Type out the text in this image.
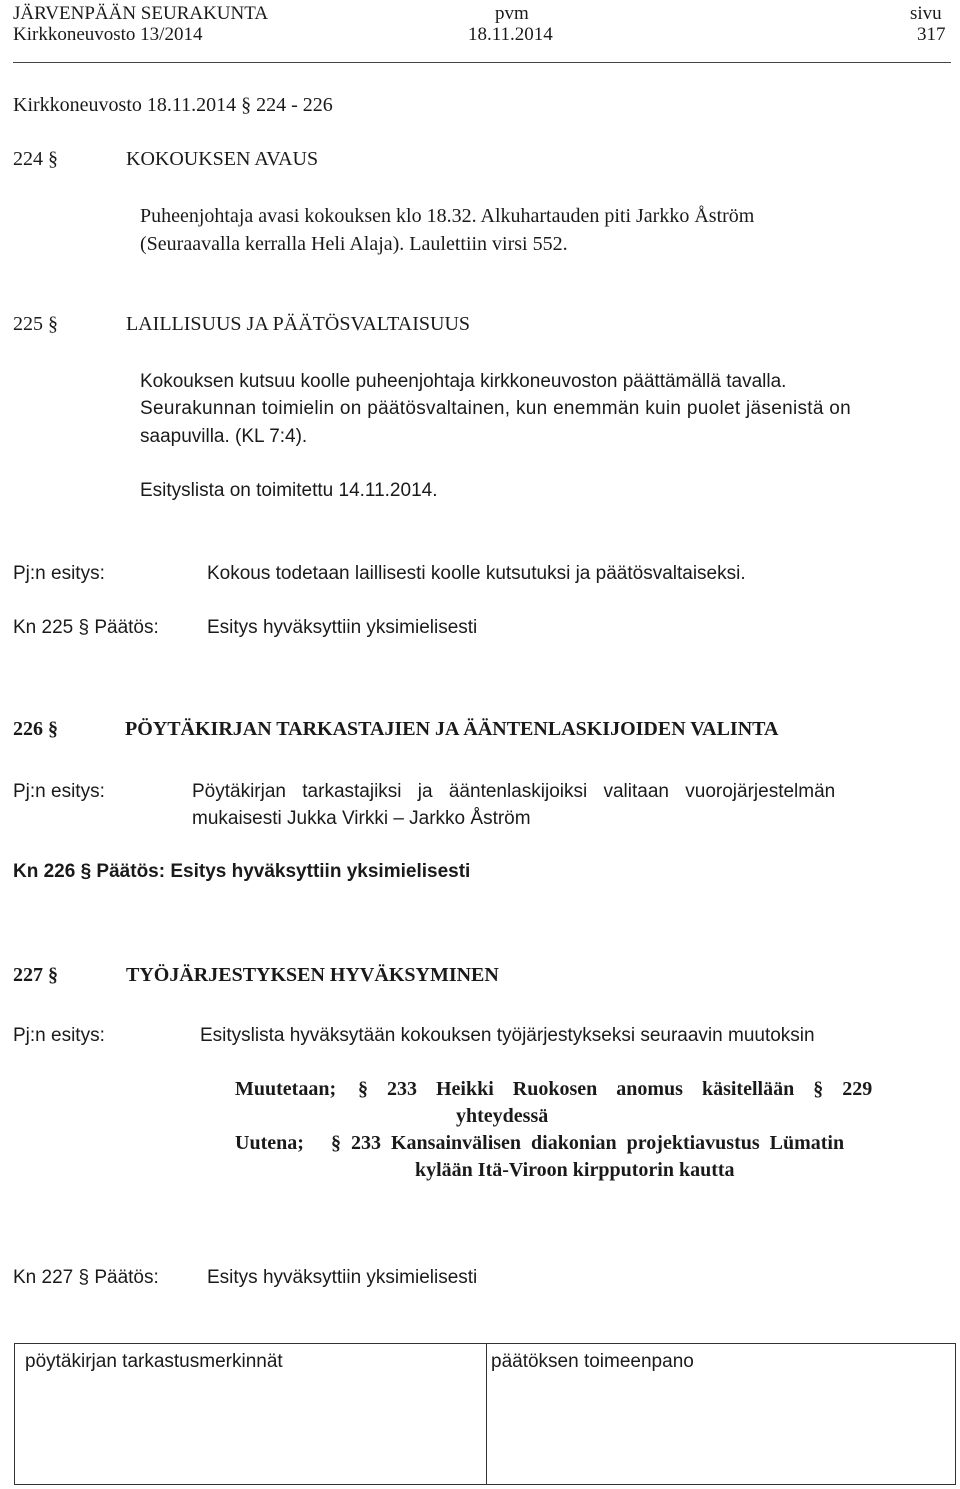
JÄRVENPÄÄN SEURAKUNTA	pvm	sivu
Kirkkoneuvosto 13/2014	18.11.2014	317
Kirkkoneuvosto 18.11.2014 § 224 - 226
224 §	KOKOUKSEN AVAUS
Puheenjohtaja avasi kokouksen klo 18.32. Alkuhartauden piti Jarkko Åström
(Seuraavalla kerralla Heli Alaja). Laulettiin virsi 552.
225 §	LAILLISUUS JA PÄÄTÖSVALTAISUUS
Kokouksen kutsuu koolle puheenjohtaja kirkkoneuvoston päättämällä tavalla.
Seurakunnan toimielin on päätösvaltainen, kun enemmän kuin puolet jäsenistä on
saapuvilla. (KL 7:4).
Esityslista on toimitettu 14.11.2014.
Pj:n esitys:	Kokous todetaan laillisesti koolle kutsutuksi ja päätösvaltaiseksi.
Kn 225 § Päätös:	Esitys hyväksyttiin yksimielisesti
226 §	PÖYTÄKIRJAN TARKASTAJIEN JA ÄÄNTENLASKIJOIDEN VALINTA
Pj:n esitys:	Pöytäkirjan tarkastajiksi ja ääntenlaskijoiksi valitaan vuorojärjestelmän
mukaisesti Jukka Virkki – Jarkko Åström
Kn 226 § Päätös: Esitys hyväksyttiin yksimielisesti
227 §	TYÖJÄRJESTYKSEN HYVÄKSYMINEN
Pj:n esitys:	Esityslista hyväksytään kokouksen työjärjestykseksi seuraavin muutoksin
Muutetaan;	§ 233 Heikki Ruokosen anomus käsitellään § 229
yhteydessä
Uutena; § 233 Kansainvälisen diakonian projektiavustus Lümatin
kylään Itä-Viroon kirpputorin kautta
Kn 227 § Päätös:	Esitys hyväksyttiin yksimielisesti
pöytäkirjan tarkastusmerkinnät	päätöksen toimeenpano
